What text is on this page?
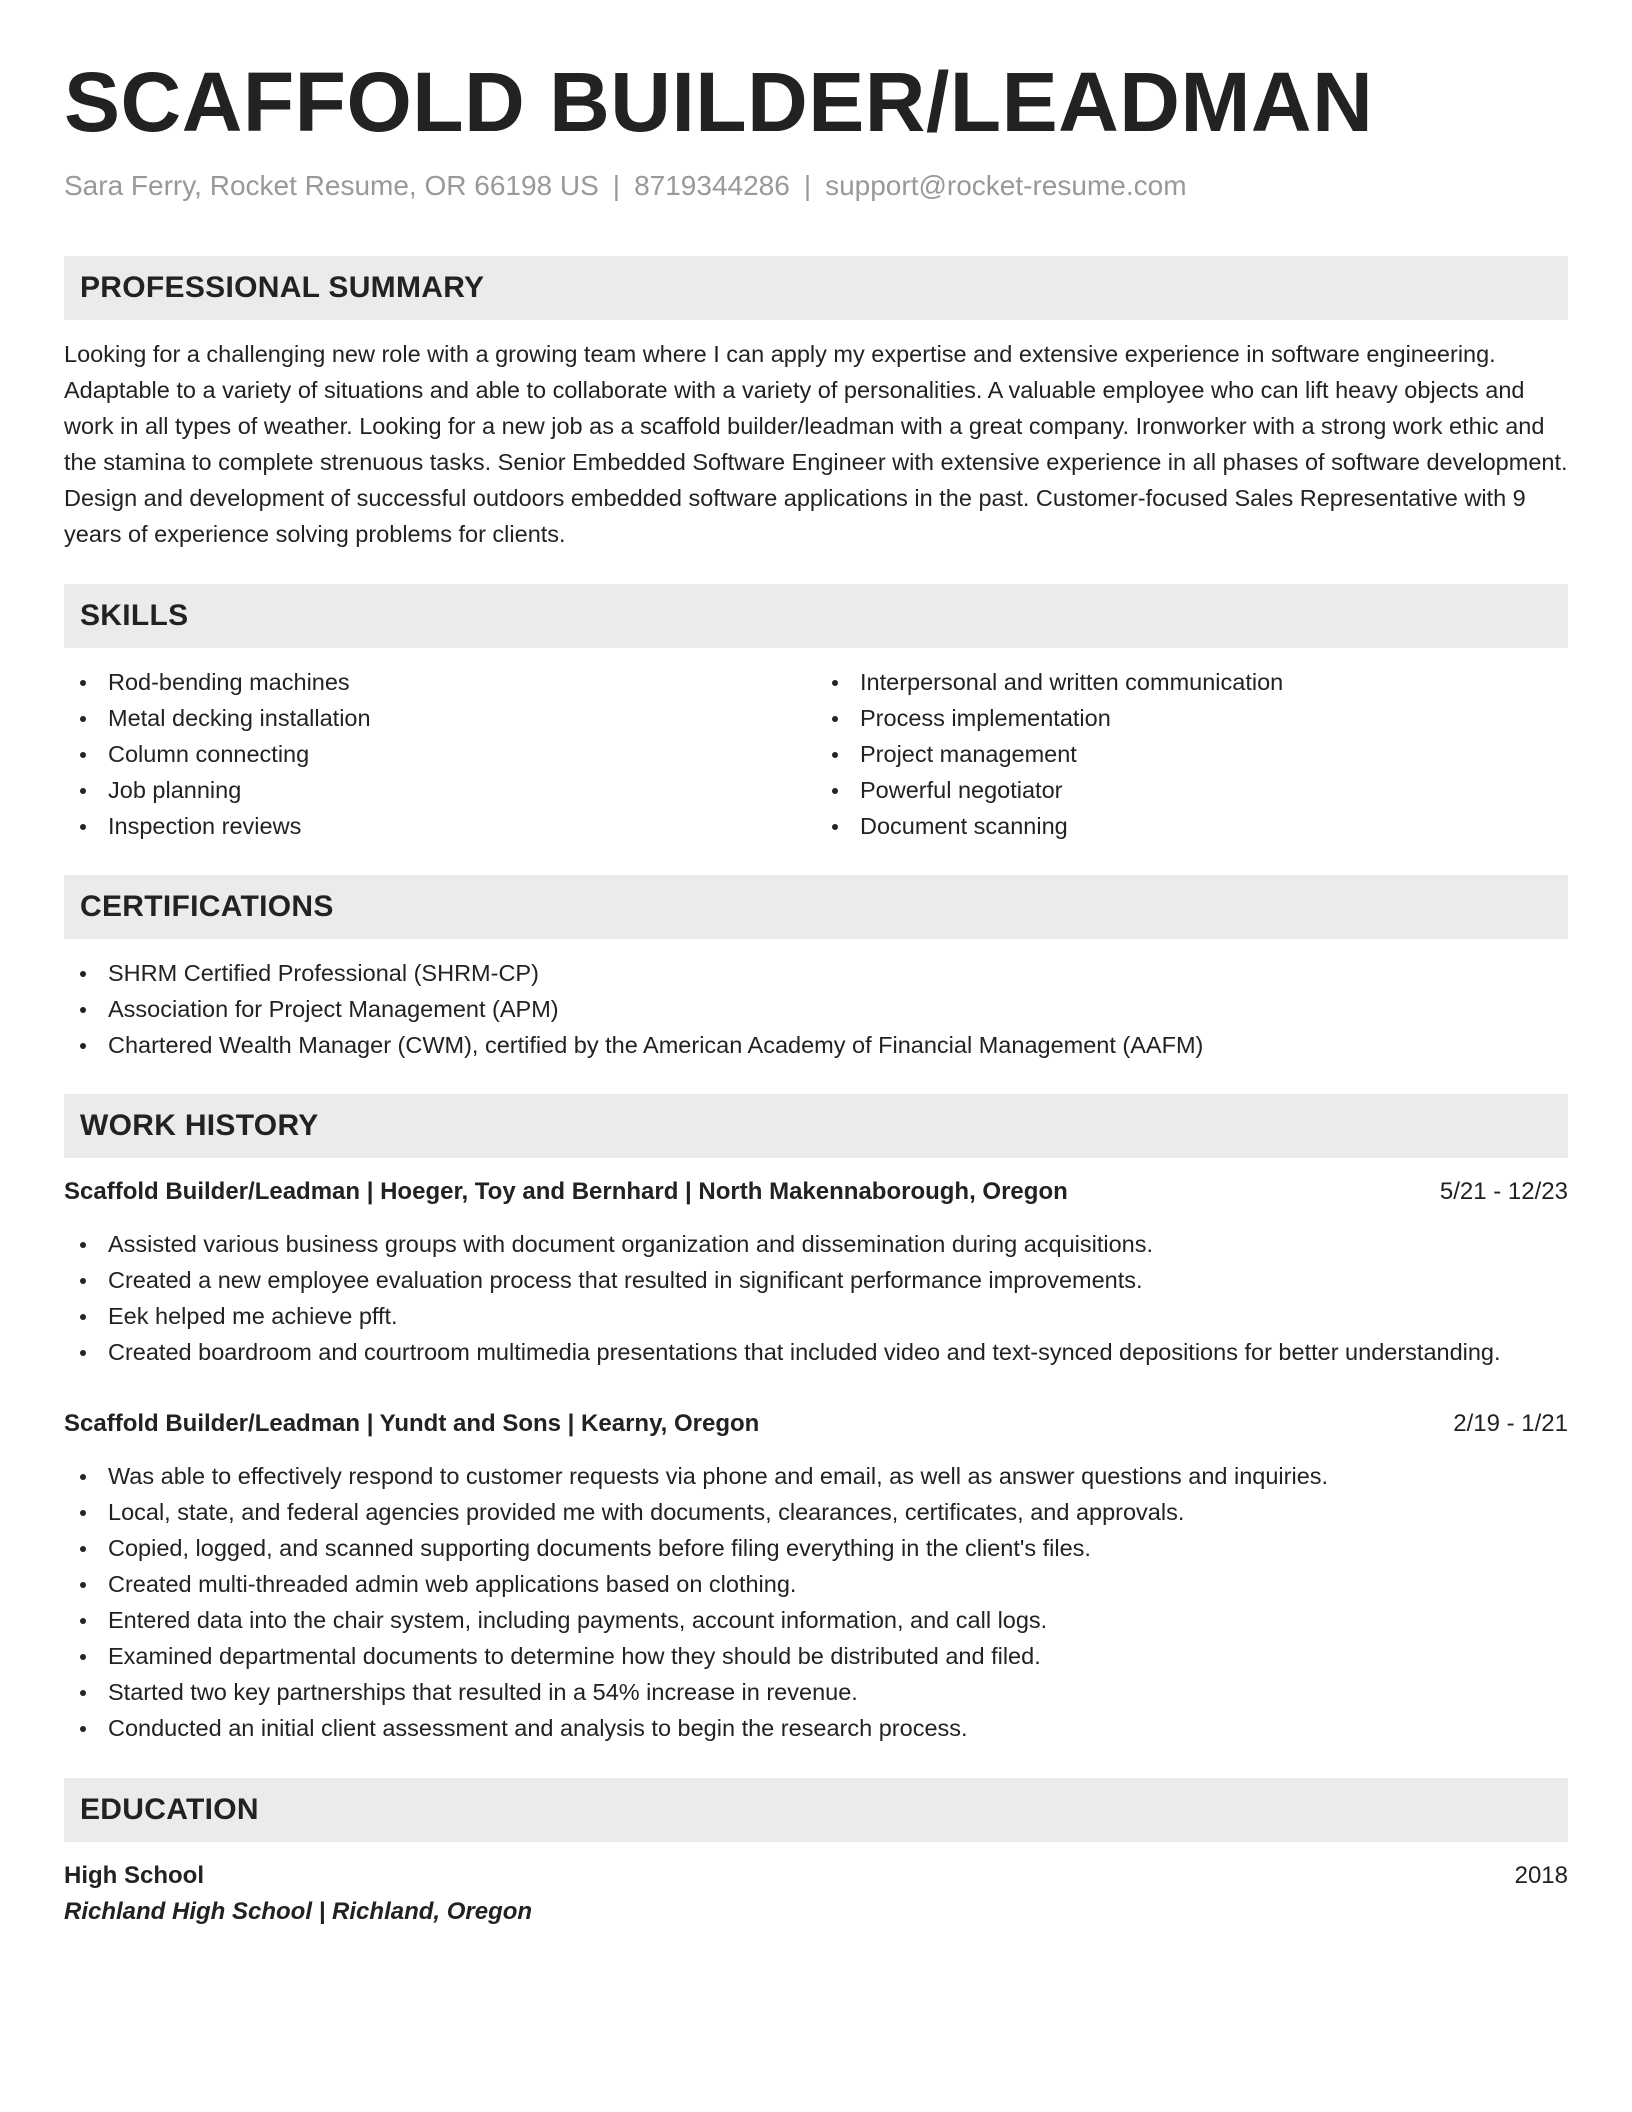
SCAFFOLD BUILDER/LEADMAN
Sara Ferry, Rocket Resume, OR 66198 US | 8719344286 | support@rocket-resume.com
PROFESSIONAL SUMMARY

Looking for a challenging new role with a growing team where I can apply my expertise and extensive experience in software engineering. Adaptable to a variety of situations and able to collaborate with a variety of personalities. A valuable employee who can lift heavy objects and work in all types of weather. Looking for a new job as a scaffold builder/leadman with a great company. Ironworker with a strong work ethic and the stamina to complete strenuous tasks. Senior Embedded Software Engineer with extensive experience in all phases of software development. Design and development of successful outdoors embedded software applications in the past. Customer-focused Sales Representative with 9 years of experience solving problems for clients.

SKILLS
Rod-bending machines
Metal decking installation
Column connecting
Job planning
Inspection reviews
Interpersonal and written communication
Process implementation
Project management
Powerful negotiator
Document scanning
CERTIFICATIONS
SHRM Certified Professional (SHRM-CP)
Association for Project Management (APM)
Chartered Wealth Manager (CWM), certified by the American Academy of Financial Management (AAFM)
WORK HISTORY
Scaffold Builder/Leadman | Hoeger, Toy and Bernhard | North Makennaborough, Oregon	5/21 - 12/23
Assisted various business groups with document organization and dissemination during acquisitions.
Created a new employee evaluation process that resulted in significant performance improvements.
Eek helped me achieve pfft.
Created boardroom and courtroom multimedia presentations that included video and text-synced depositions for better understanding.
Scaffold Builder/Leadman | Yundt and Sons | Kearny, Oregon	2/19 - 1/21
Was able to effectively respond to customer requests via phone and email, as well as answer questions and inquiries.
Local, state, and federal agencies provided me with documents, clearances, certificates, and approvals.
Copied, logged, and scanned supporting documents before filing everything in the client's files.
Created multi-threaded admin web applications based on clothing.
Entered data into the chair system, including payments, account information, and call logs.
Examined departmental documents to determine how they should be distributed and filed.
Started two key partnerships that resulted in a 54% increase in revenue.
Conducted an initial client assessment and analysis to begin the research process.
EDUCATION
High School	2018
Richland High School | Richland, Oregon
